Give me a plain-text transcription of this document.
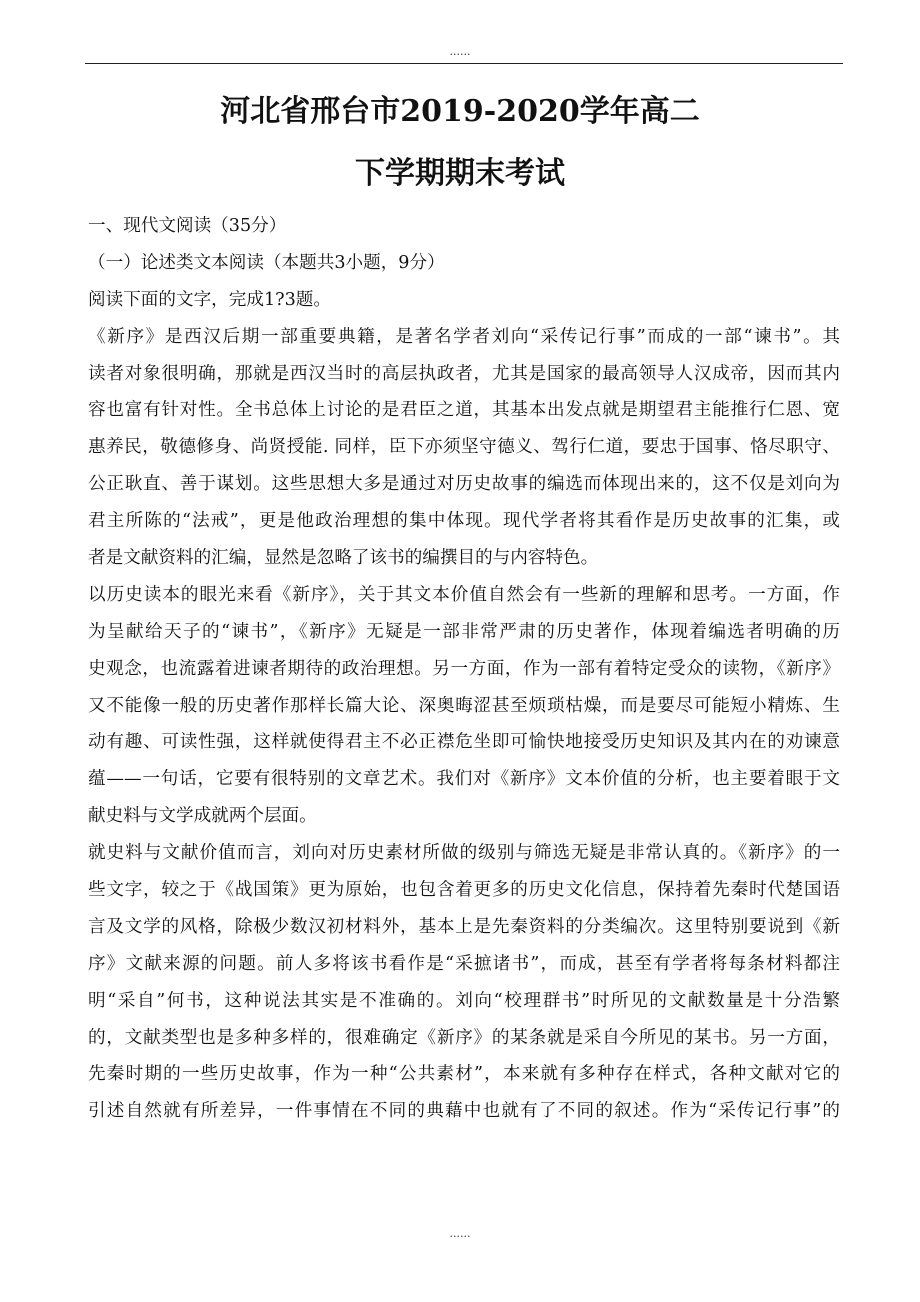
......
河北省邢台市2019-2020学年高二
下学期期末考试
一、现代文阅读（35分）
（一）论述类文本阅读（本题共3小题，9分）
阅读下面的文字，完成1?3题。
《新序》是西汉后期一部重要典籍，是著名学者刘向“采传记行事”而成的一部“谏书”。其
读者对象很明确，那就是西汉当时的高层执政者，尤其是国家的最高领导人汉成帝，因而其内
容也富有针对性。全书总体上讨论的是君臣之道，其基本出发点就是期望君主能推行仁恩、宽
惠养民，敬德修身、尚贤授能. 同样，臣下亦须坚守德义、驾行仁道，要忠于国事、恪尽职守、
公正耿直、善于谋划。这些思想大多是通过对历史故事的编选而体现出来的，这不仅是刘向为
君主所陈的“法戒”，更是他政治理想的集中体现。现代学者将其看作是历史故事的汇集，或
者是文献资料的汇编，显然是忽略了该书的编撰目的与内容特色。
以历史读本的眼光来看《新序》，关于其文本价值自然会有一些新的理解和思考。一方面，作
为呈献给天子的“谏书”，《新序》无疑是一部非常严肃的历史著作，体现着编选者明确的历
史观念，也流露着进谏者期待的政治理想。另一方面，作为一部有着特定受众的读物，《新序》
又不能像一般的历史著作那样长篇大论、深奥晦涩甚至烦琐枯燥，而是要尽可能短小精炼、生
动有趣、可读性强，这样就使得君主不必正襟危坐即可愉快地接受历史知识及其内在的劝谏意
蕴——一句话，它要有很特别的文章艺术。我们对《新序》文本价值的分析，也主要着眼于文
献史料与文学成就两个层面。
就史料与文献价值而言，刘向对历史素材所做的级别与筛选无疑是非常认真的。《新序》的一
些文字，较之于《战国策》更为原始，也包含着更多的历史文化信息，保持着先秦时代楚国语
言及文学的风格，除极少数汉初材料外，基本上是先秦资料的分类编次。这里特别要说到《新
序》文献来源的问题。前人多将该书看作是“采摭诸书”，而成，甚至有学者将每条材料都注
明“采自”何书，这种说法其实是不准确的。刘向“校理群书”时所见的文献数量是十分浩繁
的，文献类型也是多种多样的，很难确定《新序》的某条就是采自今所见的某书。另一方面，
先秦时期的一些历史故事，作为一种“公共素材”，本来就有多种存在样式，各种文献对它的
引述自然就有所差异，一件事情在不同的典藉中也就有了不同的叙述。作为“采传记行事”的
......
